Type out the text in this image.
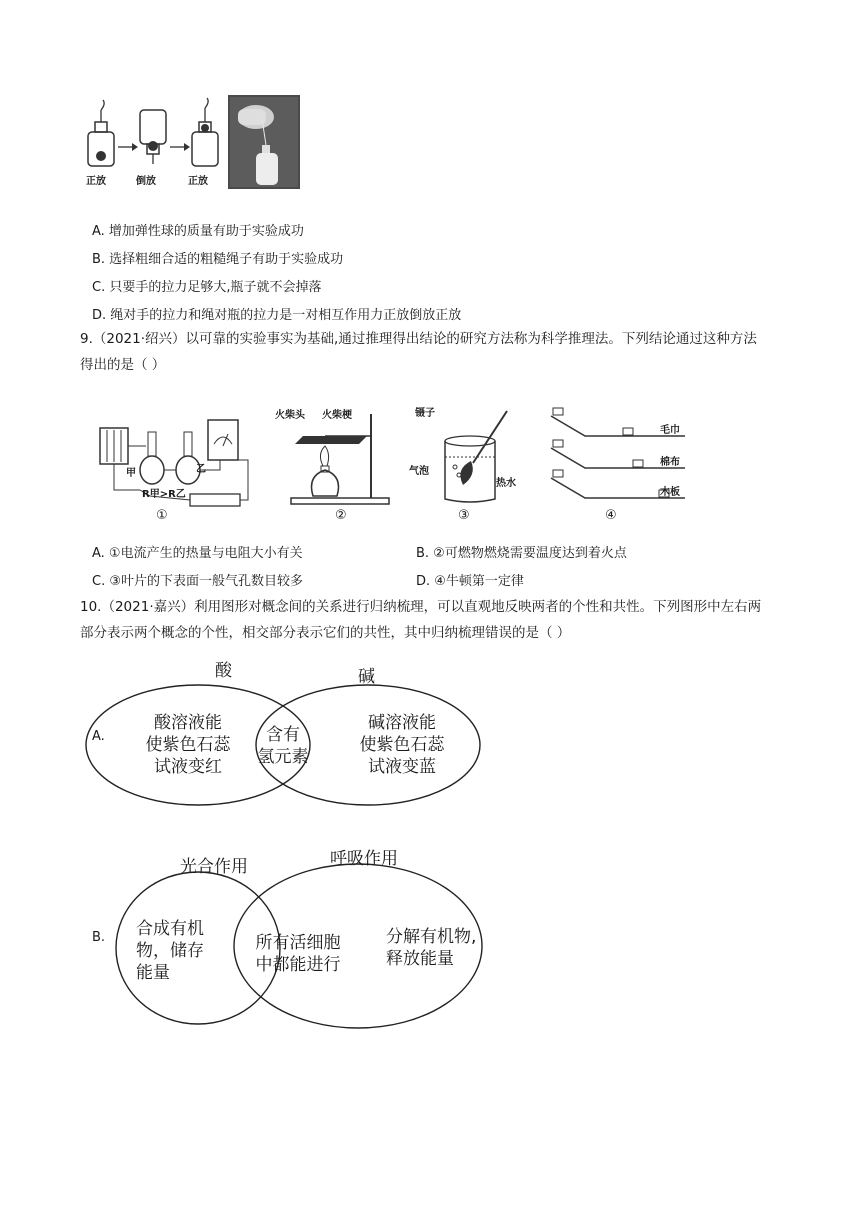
正放	倒放	正放
A. 增加弹性球的质量有助于实验成功
B. 选择粗细合适的粗糙绳子有助于实验成功
C. 只要手的拉力足够大,瓶子就不会掉落
D. 绳对手的拉力和绳对瓶的拉力是一对相互作用力正放倒放正放
9.（2021·绍兴）以可靠的实验事实为基础,通过推理得出结论的研究方法称为科学推理法。下列结论通过这种方法得出的是（ ）
甲	乙
R甲>R乙
①
火柴头 火柴梗
②
镊子
气泡
热水
③
毛巾
棉布
木板
④
A. ①电流产生的热量与电阻大小有关	B. ②可燃物燃烧需要温度达到着火点
C. ③叶片的下表面一般气孔数目较多	D. ④牛顿第一定律
10.（2021·嘉兴）利用图形对概念间的关系进行归纳梳理，可以直观地反映两者的个性和共性。下列图形中左右两部分表示两个概念的个性，相交部分表示它们的共性，其中归纳梳理错误的是（ ）
A.
酸	碱
酸溶液能
使紫色石蕊
试液变红
含有
氢元素
碱溶液能
使紫色石蕊
试液变蓝
B.
光合作用	呼吸作用
合成有机
物，储存
能量
所有活细胞
中都能进行
分解有机物,
释放能量
